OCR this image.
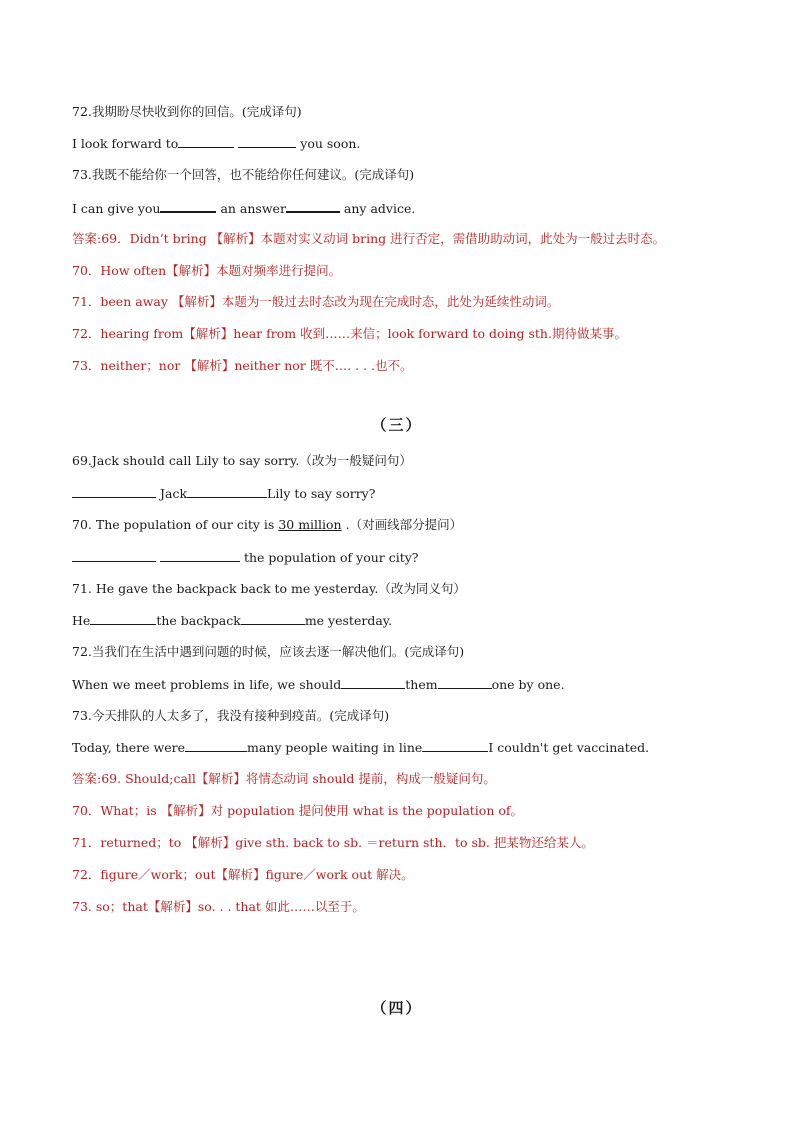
72.我期盼尽快收到你的回信。(完成译句)
I look forward to	you soon.
73.我既不能给你一个回答，也不能给你任何建议。(完成译句)
I can give you	an answer	any advice.
答案:69．Didn’t bring 【解析】本题对实义动词 bring 进行否定，需借助助动词，此处为一般过去时态。
70．How often【解析】本题对频率进行提问。
71．been away 【解析】本题为一般过去时态改为现在完成时态，此处为延续性动词。
72．hearing from【解析】hear from 收到……来信；look forward to doing sth.期待做某事。
73．neither；nor 【解析】neither nor 既不…. . . .也不。
（三）
69.Jack should call Lily to say sorry.（改为一般疑问句）
Jack	Lily to say sorry?
70. The population of our city is 30 million .（对画线部分提问）
the population of your city?
71. He gave the backpack back to me yesterday.（改为同义句）
He	the backpack	me yesterday.
72.当我们在生活中遇到问题的时候，应该去逐一解决他们。(完成译句)
When we meet problems in life, we should	them	one by one.
73.今天排队的人太多了，我没有接种到疫苗。(完成译句)
Today, there were	many people waiting in line	I couldn't get vaccinated.
答案:69. Should;call【解析】将情态动词 should 提前，构成一般疑问句。
70．What；is 【解析】对 population 提问使用 what is the population of。
71．returned；to 【解析】give sth. back to sb. ＝return sth．to sb. 把某物还给某人。
72．figure／work；out【解析】figure／work out 解决。
73. so；that【解析】so. . . that 如此……以至于。
（四）
